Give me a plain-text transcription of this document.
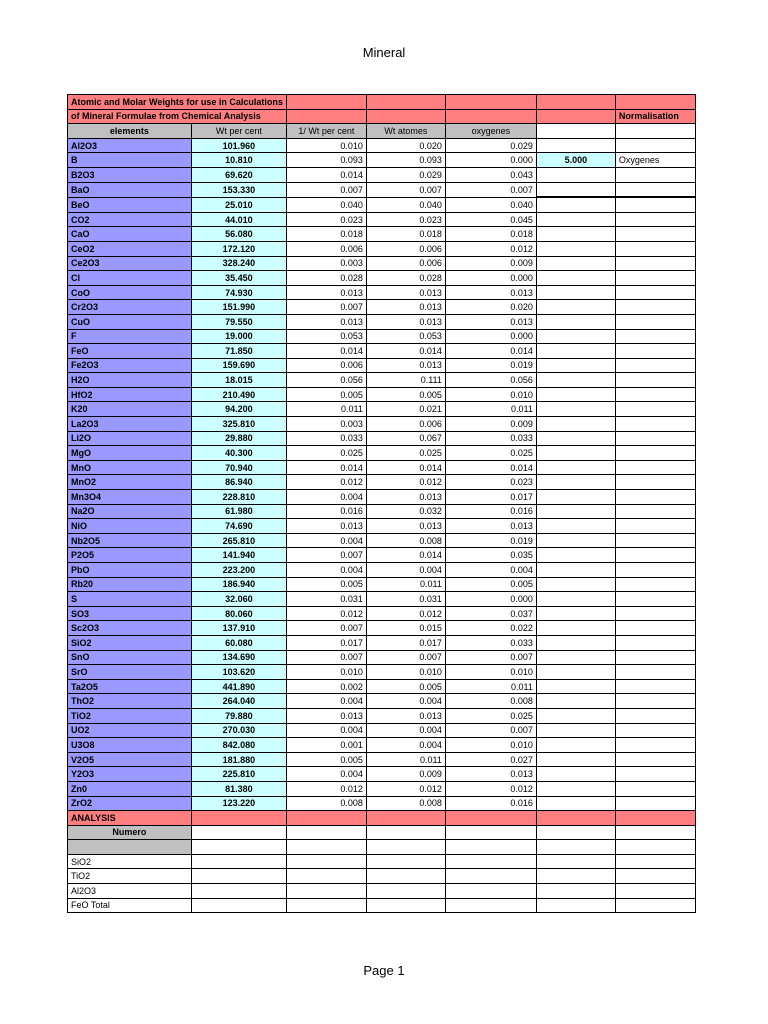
Mineral
Atomic and Molar Weights for use in Calculations						
of Mineral Formulae from Chemical Analysis						Normalisation
elements	Wt per cent	1/ Wt per cent	Wt atomes	oxygenes		
Al2O3	101.960	0.010	0.020	0.029		
B	10.810	0.093	0.093	0.000	5.000	Oxygenes
B2O3	69.620	0.014	0.029	0.043		
BaO	153.330	0.007	0.007	0.007		
BeO	25.010	0.040	0.040	0.040		
CO2	44.010	0.023	0.023	0.045		
CaO	56.080	0.018	0.018	0.018		
CeO2	172.120	0.006	0.006	0.012		
Ce2O3	328.240	0.003	0.006	0.009		
Cl	35.450	0.028	0.028	0.000		
CoO	74.930	0.013	0.013	0.013		
Cr2O3	151.990	0.007	0.013	0.020		
CuO	79.550	0.013	0.013	0.013		
F	19.000	0.053	0.053	0.000		
FeO	71.850	0.014	0.014	0.014		
Fe2O3	159.690	0.006	0.013	0.019		
H2O	18.015	0.056	0.111	0.056		
HfO2	210.490	0.005	0.005	0.010		
K20	94.200	0.011	0.021	0.011		
La2O3	325.810	0.003	0.006	0.009		
Li2O	29.880	0.033	0.067	0.033		
MgO	40.300	0.025	0.025	0.025		
MnO	70.940	0.014	0.014	0.014		
MnO2	86.940	0.012	0.012	0.023		
Mn3O4	228.810	0.004	0.013	0.017		
Na2O	61.980	0.016	0.032	0.016		
NiO	74.690	0.013	0.013	0.013		
Nb2O5	265.810	0.004	0.008	0.019		
P2O5	141.940	0.007	0.014	0.035		
PbO	223.200	0.004	0.004	0.004		
Rb20	186.940	0.005	0.011	0.005		
S	32.060	0.031	0.031	0.000		
SO3	80.060	0.012	0.012	0.037		
Sc2O3	137.910	0.007	0.015	0.022		
SiO2	60.080	0.017	0.017	0.033		
SnO	134.690	0.007	0.007	0.007		
SrO	103.620	0.010	0.010	0.010		
Ta2O5	441.890	0.002	0.005	0.011		
ThO2	264.040	0.004	0.004	0.008		
TiO2	79.880	0.013	0.013	0.025		
UO2	270.030	0.004	0.004	0.007		
U3O8	842.080	0.001	0.004	0.010		
V2O5	181.880	0.005	0.011	0.027		
Y2O3	225.810	0.004	0.009	0.013		
Zn0	81.380	0.012	0.012	0.012		
ZrO2	123.220	0.008	0.008	0.016		
ANALYSIS						
Numero						

SiO2						
TiO2						
Al2O3						
FeO Total						
Page 1
